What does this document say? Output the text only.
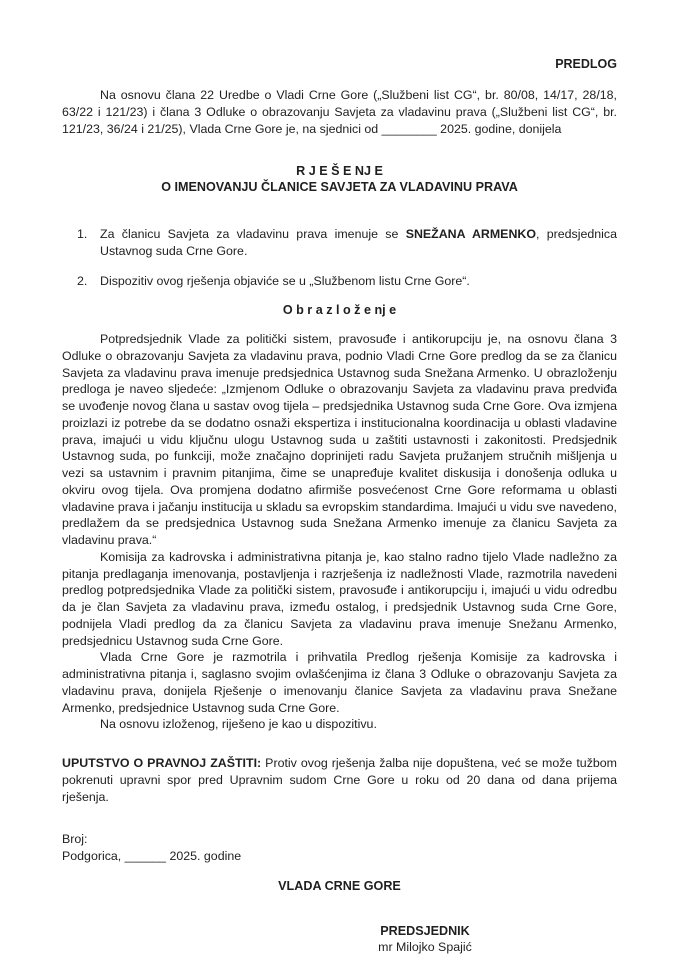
PREDLOG

Na osnovu člana 22 Uredbe o Vladi Crne Gore („Službeni list CG“, br. 80/08, 14/17, 28/18, 63/22 i 121/23) i člana 3 Odluke o obrazovanju Savjeta za vladavinu prava („Službeni list CG“, br. 121/23, 36/24 i 21/25), Vlada Crne Gore je, na sjednici od ________ 2025. godine, donijela

R J E Š E NJ E
O IMENOVANJU ČLANICE SAVJETA ZA VLADAVINU PRAVA
1.	Za članicu Savjeta za vladavinu prava imenuje se SNEŽANA ARMENKO, predsjednica Ustavnog suda Crne Gore.
2.	Dispozitiv ovog rješenja objaviće se u „Službenom listu Crne Gore“.
O b r a z l o ž e nj e

Potpredsjednik Vlade za politički sistem, pravosuđe i antikorupciju je, na osnovu člana 3 Odluke o obrazovanju Savjeta za vladavinu prava, podnio Vladi Crne Gore predlog da se za članicu Savjeta za vladavinu prava imenuje predsjednica Ustavnog suda Snežana Armenko. U obrazloženju predloga je naveo sljedeće: „Izmjenom Odluke o obrazovanju Savjeta za vladavinu prava predviđa se uvođenje novog člana u sastav ovog tijela – predsjednika Ustavnog suda Crne Gore. Ova izmjena proizlazi iz potrebe da se dodatno osnaži ekspertiza i institucionalna koordinacija u oblasti vladavine prava, imajući u vidu ključnu ulogu Ustavnog suda u zaštiti ustavnosti i zakonitosti. Predsjednik Ustavnog suda, po funkciji, može značajno doprinijeti radu Savjeta pružanjem stručnih mišljenja u vezi sa ustavnim i pravnim pitanjima, čime se unapređuje kvalitet diskusija i donošenja odluka u okviru ovog tijela. Ova promjena dodatno afirmiše posvećenost Crne Gore reformama u oblasti vladavine prava i jačanju institucija u skladu sa evropskim standardima. Imajući u vidu sve navedeno, predlažem da se predsjednica Ustavnog suda Snežana Armenko imenuje za članicu Savjeta za vladavinu prava.“

Komisija za kadrovska i administrativna pitanja je, kao stalno radno tijelo Vlade nadležno za pitanja predlaganja imenovanja, postavljenja i razrješenja iz nadležnosti Vlade, razmotrila navedeni predlog potpredsjednika Vlade za politički sistem, pravosuđe i antikorupciju i, imajući u vidu odredbu da je član Savjeta za vladavinu prava, između ostalog, i predsjednik Ustavnog suda Crne Gore, podnijela Vladi predlog da za članicu Savjeta za vladavinu prava imenuje Snežanu Armenko, predsjednicu Ustavnog suda Crne Gore.

Vlada Crne Gore je razmotrila i prihvatila Predlog rješenja Komisije za kadrovska i administrativna pitanja i, saglasno svojim ovlašćenjima iz člana 3 Odluke o obrazovanju Savjeta za vladavinu prava, donijela Rješenje o imenovanju članice Savjeta za vladavinu prava Snežane Armenko, predsjednice Ustavnog suda Crne Gore.

Na osnovu izloženog, riješeno je kao u dispozitivu.

UPUTSTVO O PRAVNOJ ZAŠTITI: Protiv ovog rješenja žalba nije dopuštena, već se može tužbom pokrenuti upravni spor pred Upravnim sudom Crne Gore u roku od 20 dana od dana prijema rješenja.

Broj:

Podgorica, ______ 2025. godine

VLADA CRNE GORE
PREDSJEDNIK
mr Milojko Spajić
